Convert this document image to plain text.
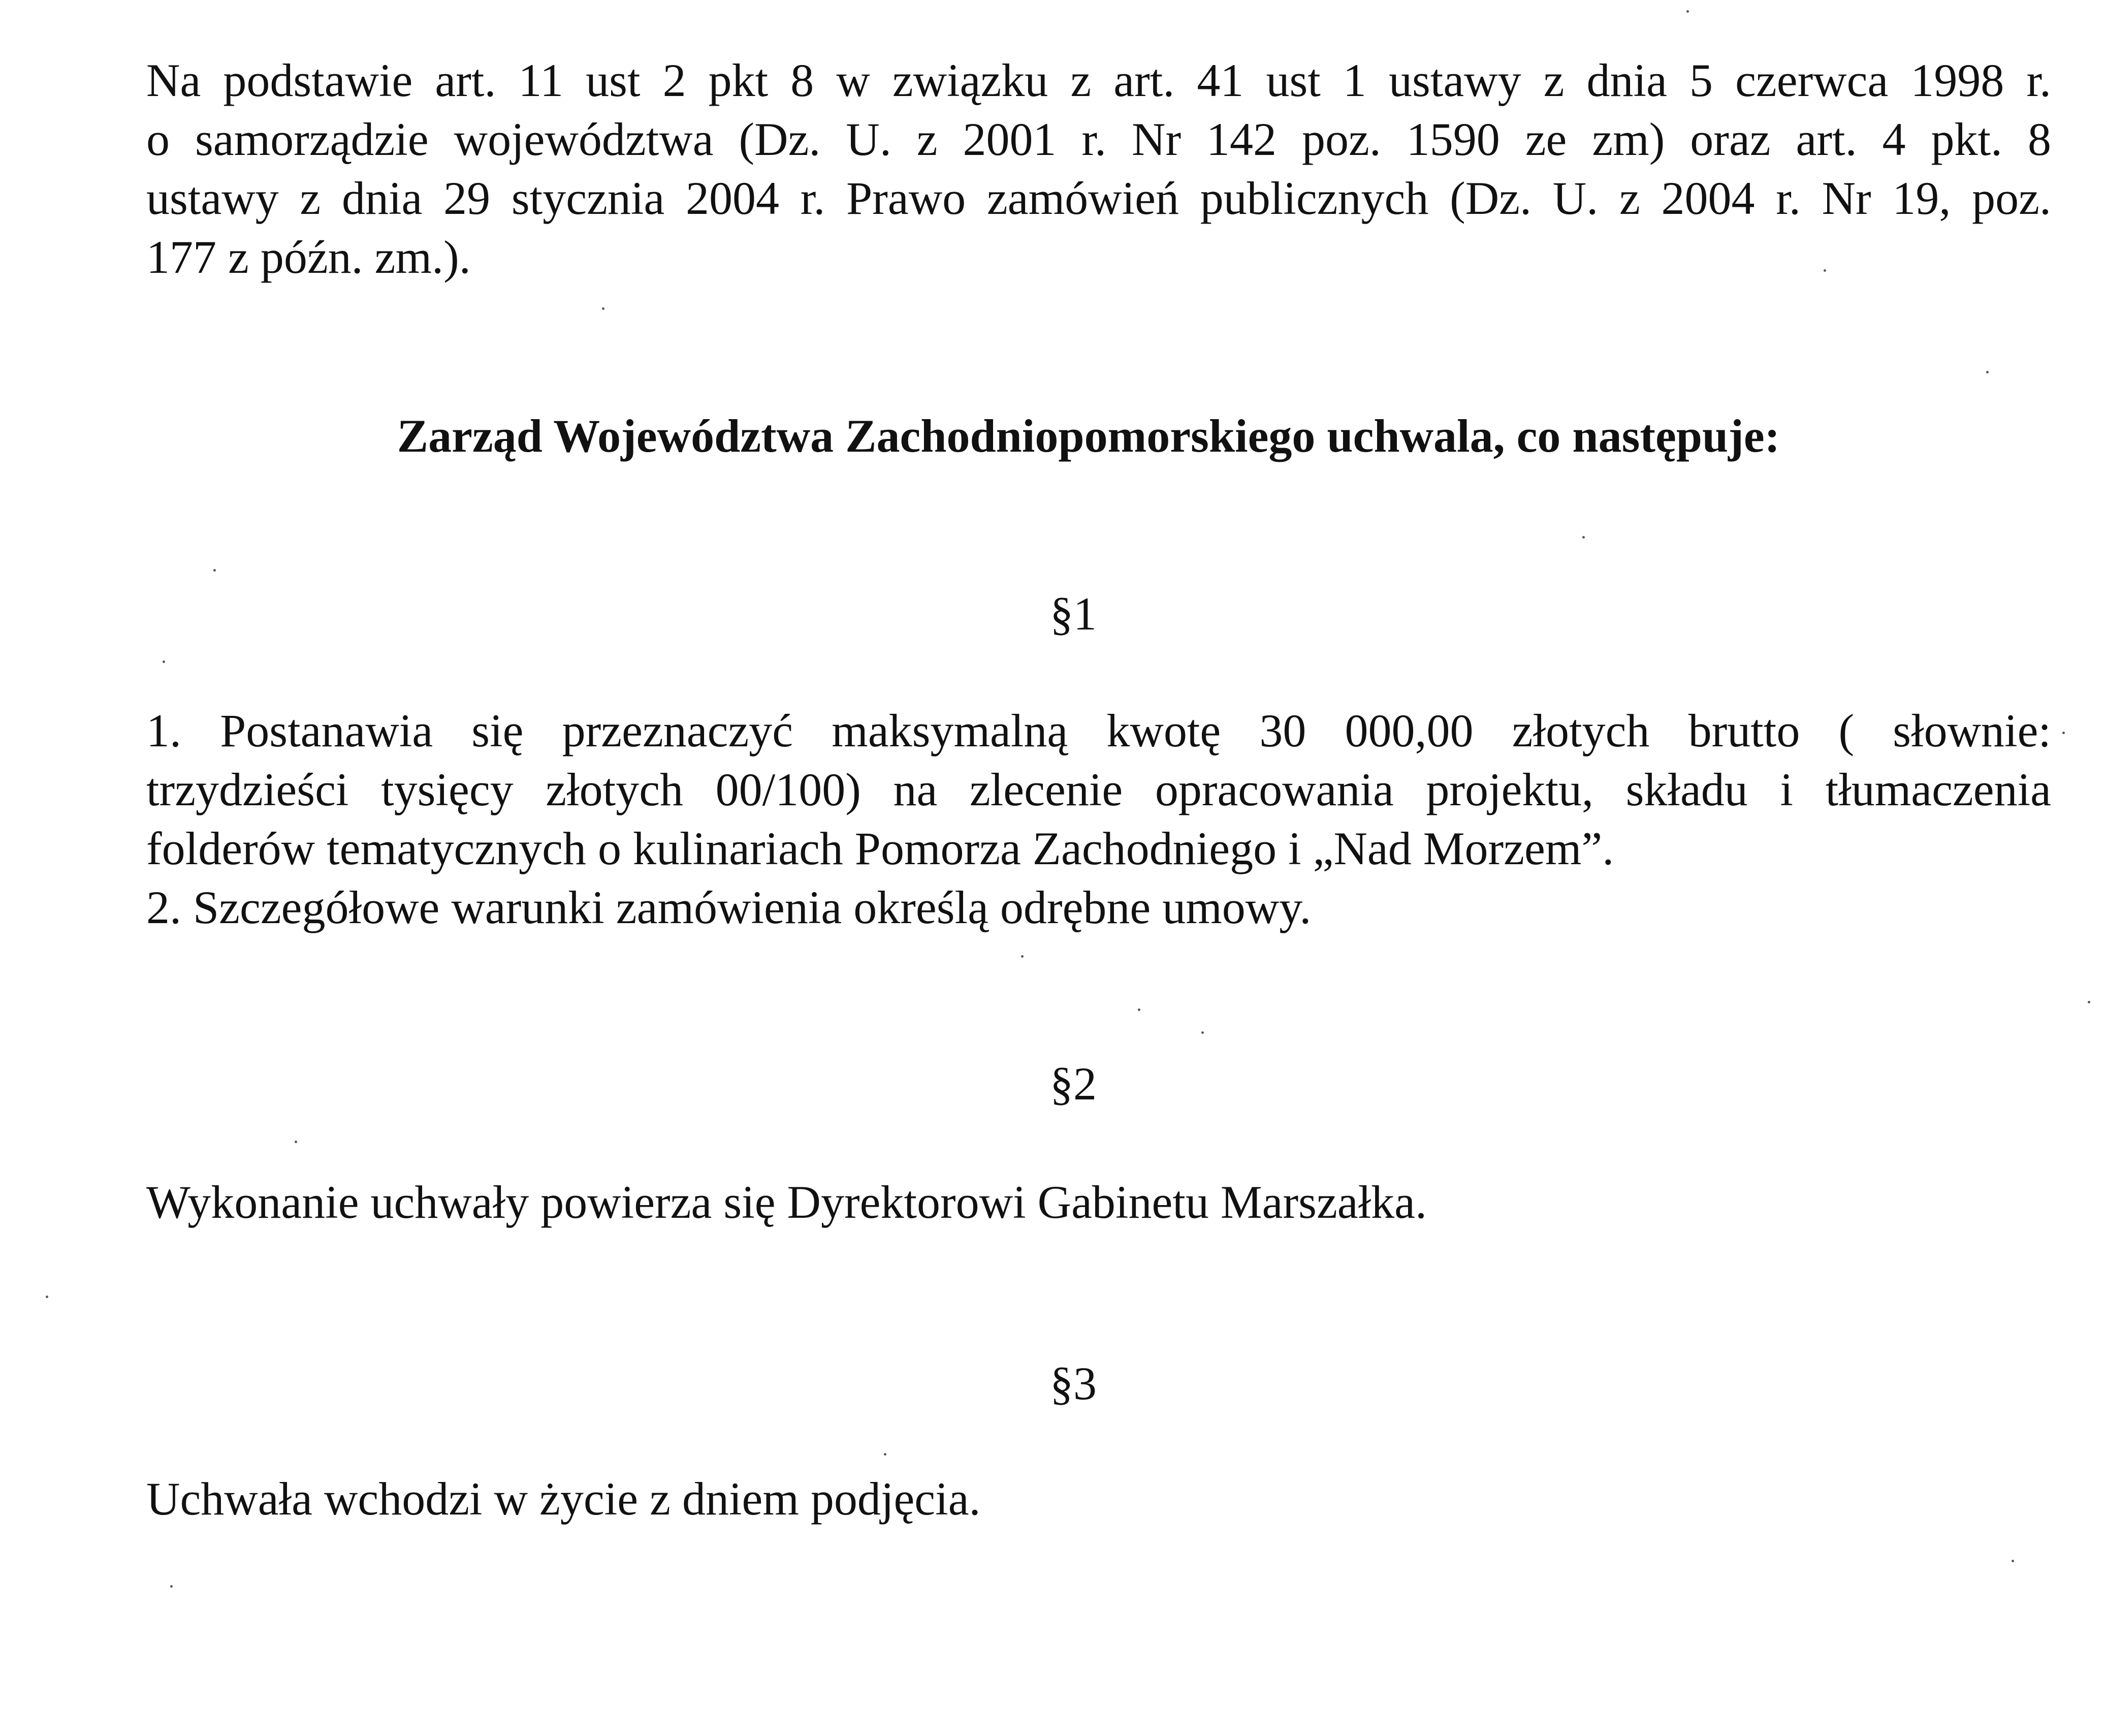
Na podstawie art. 11 ust 2 pkt 8 w związku z art. 41 ust 1 ustawy z dnia 5 czerwca 1998 r.
o samorządzie województwa (Dz. U. z 2001 r. Nr 142 poz. 1590 ze zm) oraz art. 4 pkt. 8
ustawy z dnia 29 stycznia 2004 r. Prawo zamówień publicznych (Dz. U. z 2004 r. Nr 19, poz.
177 z późn. zm.).

Zarząd Województwa Zachodniopomorskiego uchwala, co następuje:

§1

1. Postanawia się przeznaczyć maksymalną kwotę 30 000,00 złotych brutto ( słownie:
trzydzieści tysięcy złotych 00/100) na zlecenie opracowania projektu, składu i tłumaczenia
folderów tematycznych o kulinariach Pomorza Zachodniego i „Nad Morzem”.

2. Szczegółowe warunki zamówienia określą odrębne umowy.

§2

Wykonanie uchwały powierza się Dyrektorowi Gabinetu Marszałka.

§3

Uchwała wchodzi w życie z dniem podjęcia.
